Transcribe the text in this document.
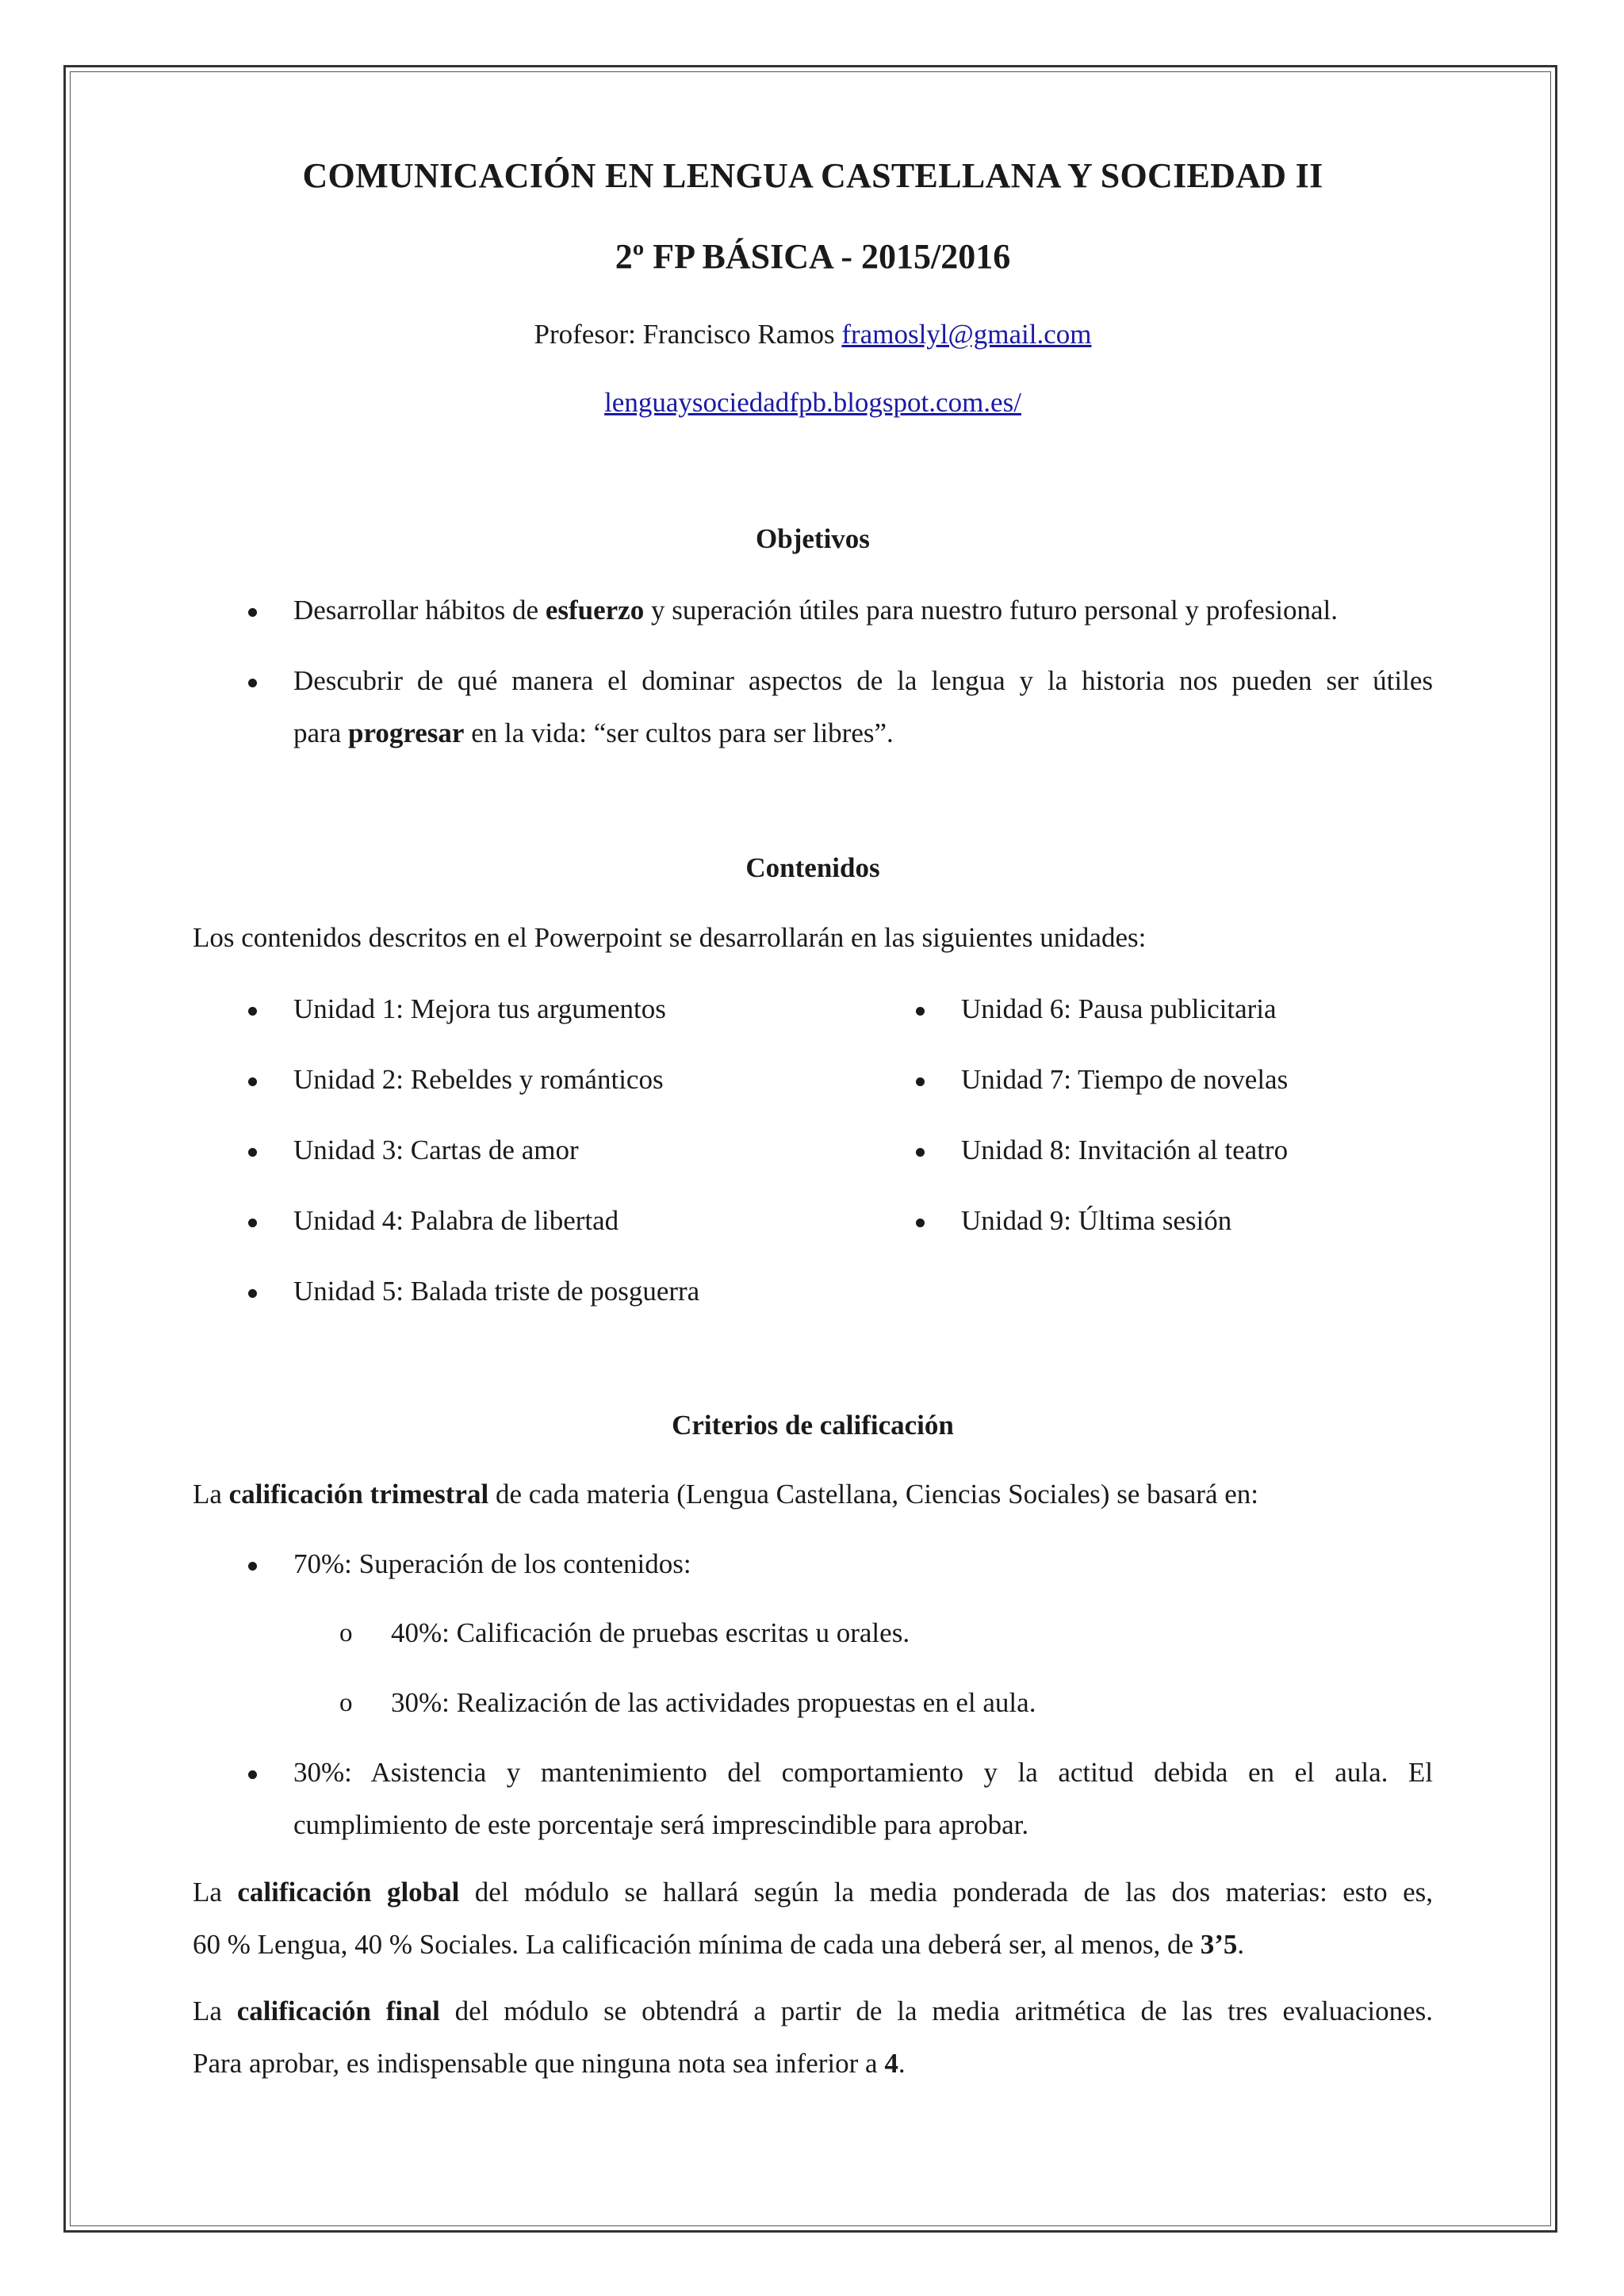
COMUNICACIÓN EN LENGUA CASTELLANA Y SOCIEDAD II
2º FP BÁSICA - 2015/2016
Profesor: Francisco Ramos framoslyl@gmail.com
lenguaysociedadfpb.blogspot.com.es/
Objetivos
Desarrollar hábitos de esfuerzo y superación útiles para nuestro futuro personal y profesional.
Descubrir de qué manera el dominar aspectos de la lengua y la historia nos pueden ser útiles
para progresar en la vida: “ser cultos para ser libres”.
Contenidos
Los contenidos descritos en el Powerpoint se desarrollarán en las siguientes unidades:
Unidad 1: Mejora tus argumentos
Unidad 2: Rebeldes y románticos
Unidad 3: Cartas de amor
Unidad 4: Palabra de libertad
Unidad 5: Balada triste de posguerra
Unidad 6: Pausa publicitaria
Unidad 7: Tiempo de novelas
Unidad 8: Invitación al teatro
Unidad 9: Última sesión
Criterios de calificación
La calificación trimestral de cada materia (Lengua Castellana, Ciencias Sociales) se basará en:
70%: Superación de los contenidos:
o 40%: Calificación de pruebas escritas u orales.
o 30%: Realización de las actividades propuestas en el aula.
30%: Asistencia y mantenimiento del comportamiento y la actitud debida en el aula. El
cumplimiento de este porcentaje será imprescindible para aprobar.
La calificación global del módulo se hallará según la media ponderada de las dos materias: esto es,
60 % Lengua, 40 % Sociales. La calificación mínima de cada una deberá ser, al menos, de 3’5.
La calificación final del módulo se obtendrá a partir de la media aritmética de las tres evaluaciones.
Para aprobar, es indispensable que ninguna nota sea inferior a 4.
